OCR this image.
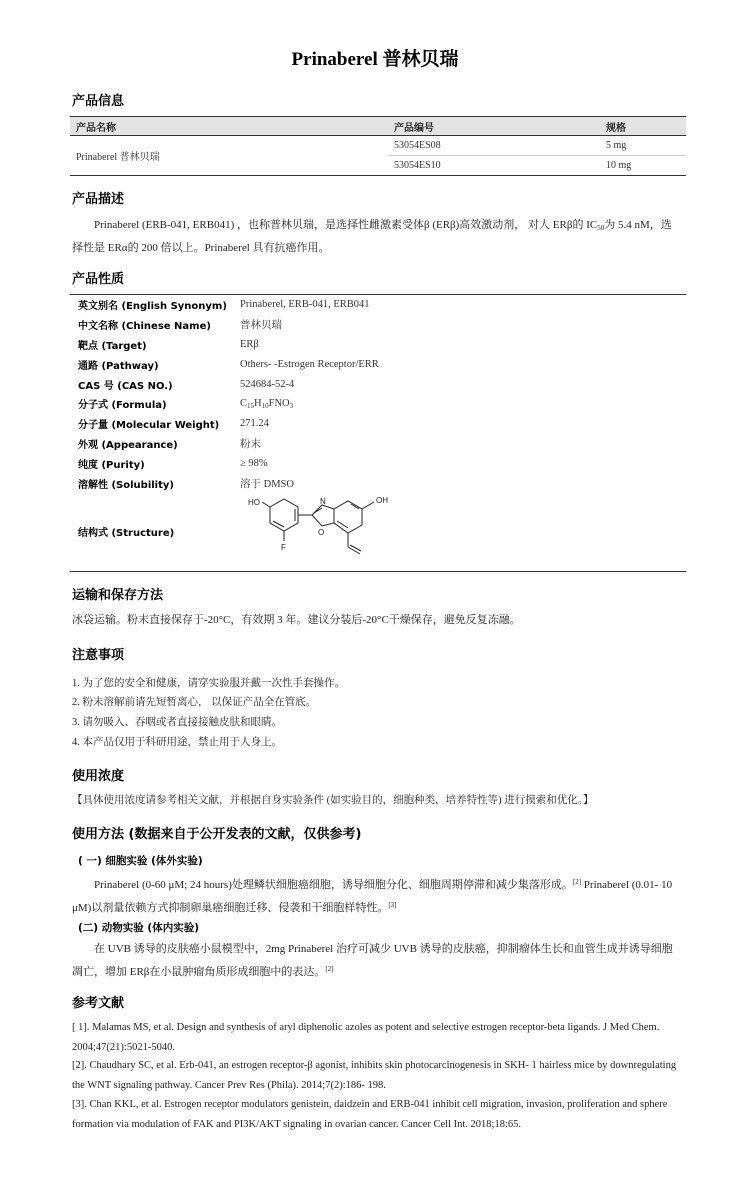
Prinaberel 普林贝瑞
产品信息
产品名称	产品编号	规格
Prinaberel 普林贝瑞	53054ES08	5 mg
	53054ES10	10 mg
产品描述
Prinaberel (ERB-041, ERB041) ，也称普林贝瑞，是选择性雌激素受体β (ERβ)高效激动剂， 对人 ERβ的 $IC_{50}$为 5.4 nM，选择性是 ERα的 200 倍以上。Prinaberel 具有抗癌作用。
产品性质
英文别名 (English Synonym)	Prinaberel, ERB-041, ERB041
中文名称 (Chinese Name)	普林贝瑞
靶点 (Target)	ERβ
通路 (Pathway)	Others- -Estrogen Receptor/ERR
CAS 号 (CAS NO.)	524684-52-4
分子式 (Formula)	$C_{15}H_{10}FNO_3$
分子量 (Molecular Weight)	271.24
外观 (Appearance)	粉末
纯度 (Purity)	≥ 98%
溶解性 (Solubility)	溶于 DMSO
结构式 (Structure)
HO	OH
F
O
N
运输和保存方法
冰袋运输。粉末直接保存于-20°C，有效期 3 年。建议分装后-20°C干燥保存，避免反复冻融。
注意事项
1. 为了您的安全和健康，请穿实验服并戴一次性手套操作。
2. 粉末溶解前请先短暂离心， 以保证产品全在管底。
3. 请勿吸入、吞咽或者直接接触皮肤和眼睛。
4. 本产品仅用于科研用途，禁止用于人身上。
使用浓度
【具体使用浓度请参考相关文献，并根据自身实验条件 (如实验目的，细胞种类，培养特性等) 进行摸索和优化。】
使用方法 (数据来自于公开发表的文献，仅供参考)
( 一) 细胞实验 (体外实验)
Prinaberel (0-60 μM; 24 hours)处理鳞状细胞癌细胞，诱导细胞分化、细胞周期停滞和减少集落形成。[2] Prinaberel (0.01- 10 μM)以剂量依赖方式抑制卵巢癌细胞迁移、侵袭和干细胞样特性。[3]
(二) 动物实验 (体内实验)
在 UVB 诱导的皮肤癌小鼠模型中，2mg Prinaberel 治疗可减少 UVB 诱导的皮肤癌，抑制瘤体生长和血管生成并诱导细胞凋亡，增加 ERβ在小鼠肿瘤角质形成细胞中的表达。[2]
参考文献
[ 1]. Malamas MS, et al. Design and synthesis of aryl diphenolic azoles as potent and selective estrogen receptor-beta ligands. J Med Chem. 2004;47(21):5021-5040.
[2]. Chaudhary SC, et al. Erb-041, an estrogen receptor-β agonist, inhibits skin photocarcinogenesis in SKH- 1 hairless mice by downregulating the WNT signaling pathway. Cancer Prev Res (Phila). 2014;7(2):186- 198.
[3]. Chan KKL, et al. Estrogen receptor modulators genistein, daidzein and ERB-041 inhibit cell migration, invasion, proliferation and sphere formation via modulation of FAK and PI3K/AKT signaling in ovarian cancer. Cancer Cell Int. 2018;18:65.
